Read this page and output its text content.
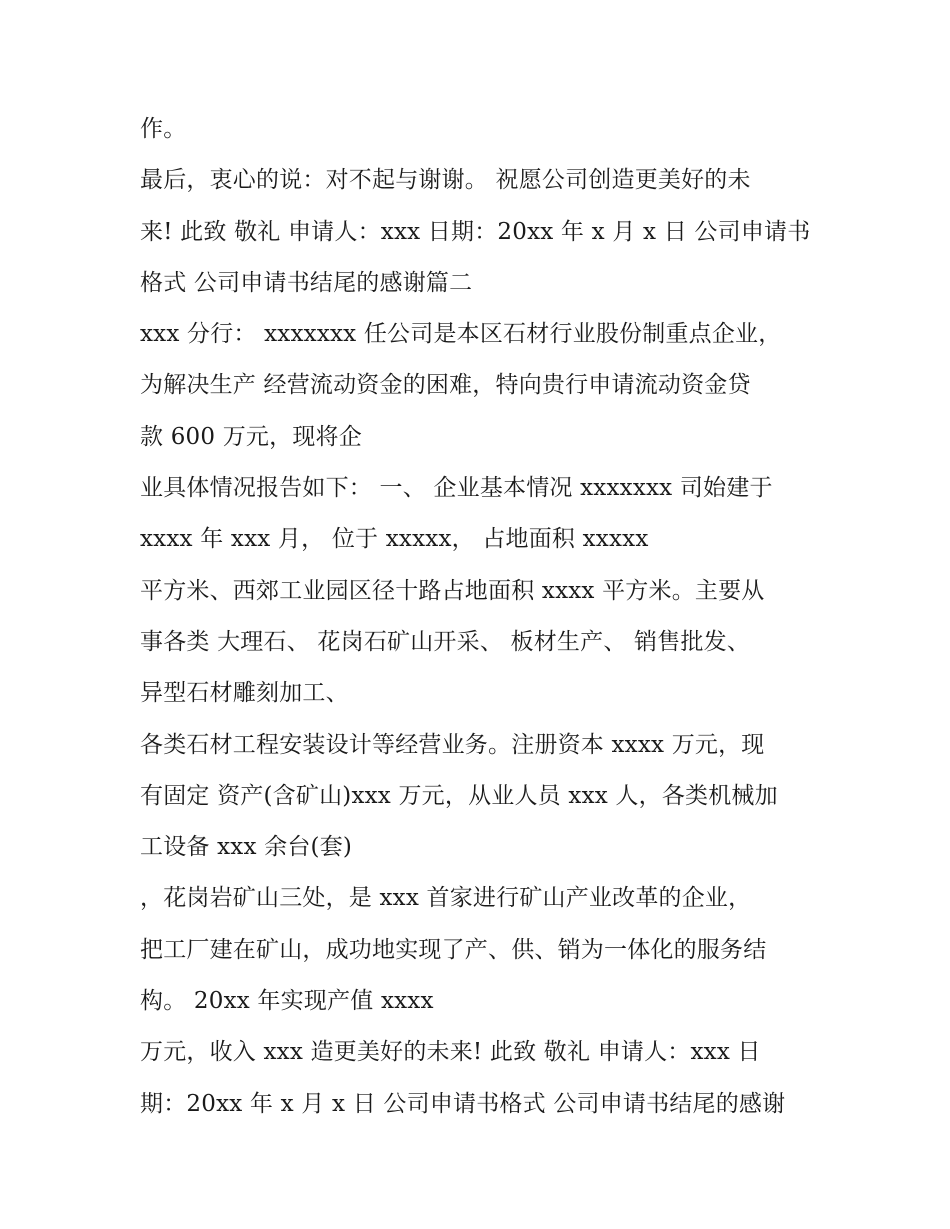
作。
最后，衷心的说：对不起与谢谢。 祝愿公司创造更美好的未
来! 此致 敬礼 申请人：xxx 日期：20xx 年 x 月 x 日 公司申请书
格式 公司申请书结尾的感谢篇二
xxx 分行： xxxxxxx 任公司是本区石材行业股份制重点企业，
为解决生产 经营流动资金的困难，特向贵行申请流动资金贷
款 600 万元，现将企
业具体情况报告如下： 一、 企业基本情况 xxxxxxx 司始建于
xxxx 年 xxx 月， 位于 xxxxx， 占地面积 xxxxx
平方米、西郊工业园区径十路占地面积 xxxx 平方米。主要从
事各类 大理石、 花岗石矿山开采、 板材生产、 销售批发、
异型石材雕刻加工、
各类石材工程安装设计等经营业务。注册资本 xxxx 万元，现
有固定 资产(含矿山)xxx 万元，从业人员 xxx 人，各类机械加
工设备 xxx 余台(套)
，花岗岩矿山三处，是 xxx 首家进行矿山产业改革的企业，
把工厂建在矿山，成功地实现了产、供、销为一体化的服务结
构。 20xx 年实现产值 xxxx
万元，收入 xxx 造更美好的未来! 此致 敬礼 申请人：xxx 日
期：20xx 年 x 月 x 日 公司申请书格式 公司申请书结尾的感谢
